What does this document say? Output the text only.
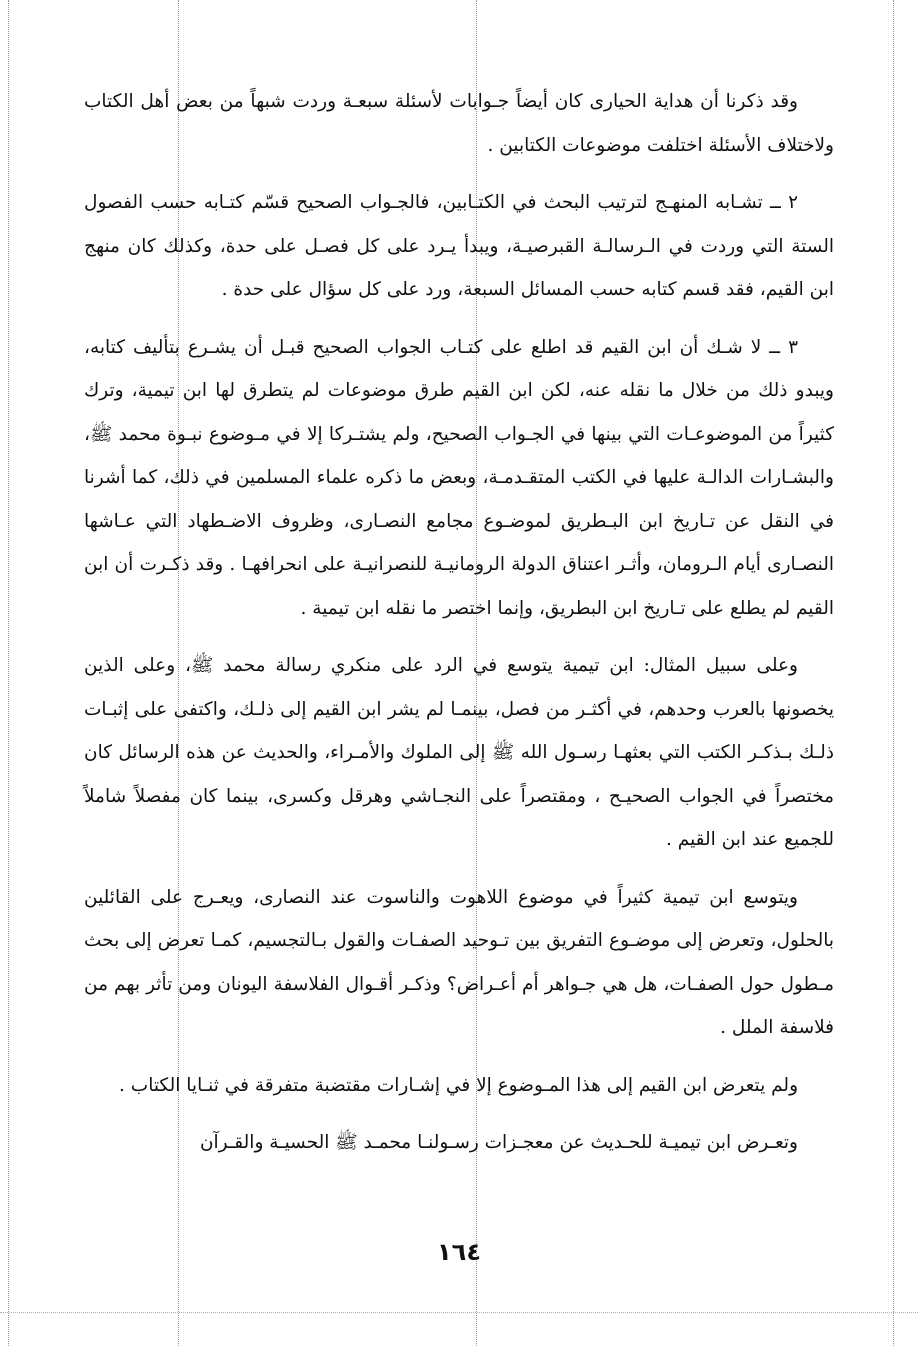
وقد ذكرنا أن هداية الحيارى كان أيضاً جـوابات لأسئلة سبعـة وردت شبهاً من بعض أهل الكتاب ولاختلاف الأسئلة اختلفت موضوعات الكتابين .

٢ ــ تشـابه المنهـج لترتيب البحث في الكتـابين، فالجـواب الصحيح قسّم كتـابه حسب الفصول الستة التي وردت في الـرسالـة القبرصيـة، ويبدأ يـرد على كل فصـل على حدة، وكذلك كان منهج ابن القيم، فقد قسم كتابه حسب المسائل السبعة، ورد على كل سؤال على حدة .

٣ ــ لا شـك أن ابن القيم قد اطلع على كتـاب الجواب الصحيح قبـل أن يشـرع بتأليف كتابه، ويبدو ذلك من خلال ما نقله عنه، لكن ابن القيم طرق موضوعات لم يتطرق لها ابن تيمية، وترك كثيراً من الموضوعـات التي بينها في الجـواب الصحيح، ولم يشتـركا إلا في مـوضوع نبـوة محمد ﷺ، والبشـارات الدالـة عليها في الكتب المتقـدمـة، وبعض ما ذكره علماء المسلمين في ذلك، كما أشرنا في النقل عن تـاريخ ابن البـطريق لموضـوع مجامع النصـارى، وظروف الاضـطهاد التي عـاشها النصـارى أيام الـرومان، وأثـر اعتناق الدولة الرومانيـة للنصرانيـة على انحرافهـا . وقد ذكـرت أن ابن القيم لم يطلع على تـاريخ ابن البطريق، وإنما اختصر ما نقله ابن تيمية .

وعلى سبيل المثال: ابن تيمية يتوسع في الرد على منكري رسالة محمد ﷺ، وعلى الذين يخصونها بالعرب وحدهم، في أكثـر من فصل، بينمـا لم يشر ابن القيم إلى ذلـك، واكتفى على إثبـات ذلـك بـذكـر الكتب التي بعثهـا رسـول الله ﷺ إلى الملوك والأمـراء، والحديث عن هذه الرسائل كان مختصراً في الجواب الصحيـح ، ومقتصراً على النجـاشي وهرقل وكسرى، بينما كان مفصلاً شاملاً للجميع عند ابن القيم .

ويتوسع ابن تيمية كثيراً في موضوع اللاهوت والناسوت عند النصارى، ويعـرج على القائلين بالحلول، وتعرض إلى موضـوع التفريق بين تـوحيد الصفـات والقول بـالتجسيم، كمـا تعرض إلى بحث مـطول حول الصفـات، هل هي جـواهر أم أعـراض؟ وذكـر أقـوال الفلاسفة اليونان ومن تأثر بهم من فلاسفة الملل .

ولم يتعرض ابن القيم إلى هذا المـوضوع إلا في إشـارات مقتضبة متفرقة في ثنـايا الكتاب .

وتعـرض ابن تيميـة للحـديث عن معجـزات رسـولنـا محمـد ﷺ الحسيـة والقـرآن

١٦٤
